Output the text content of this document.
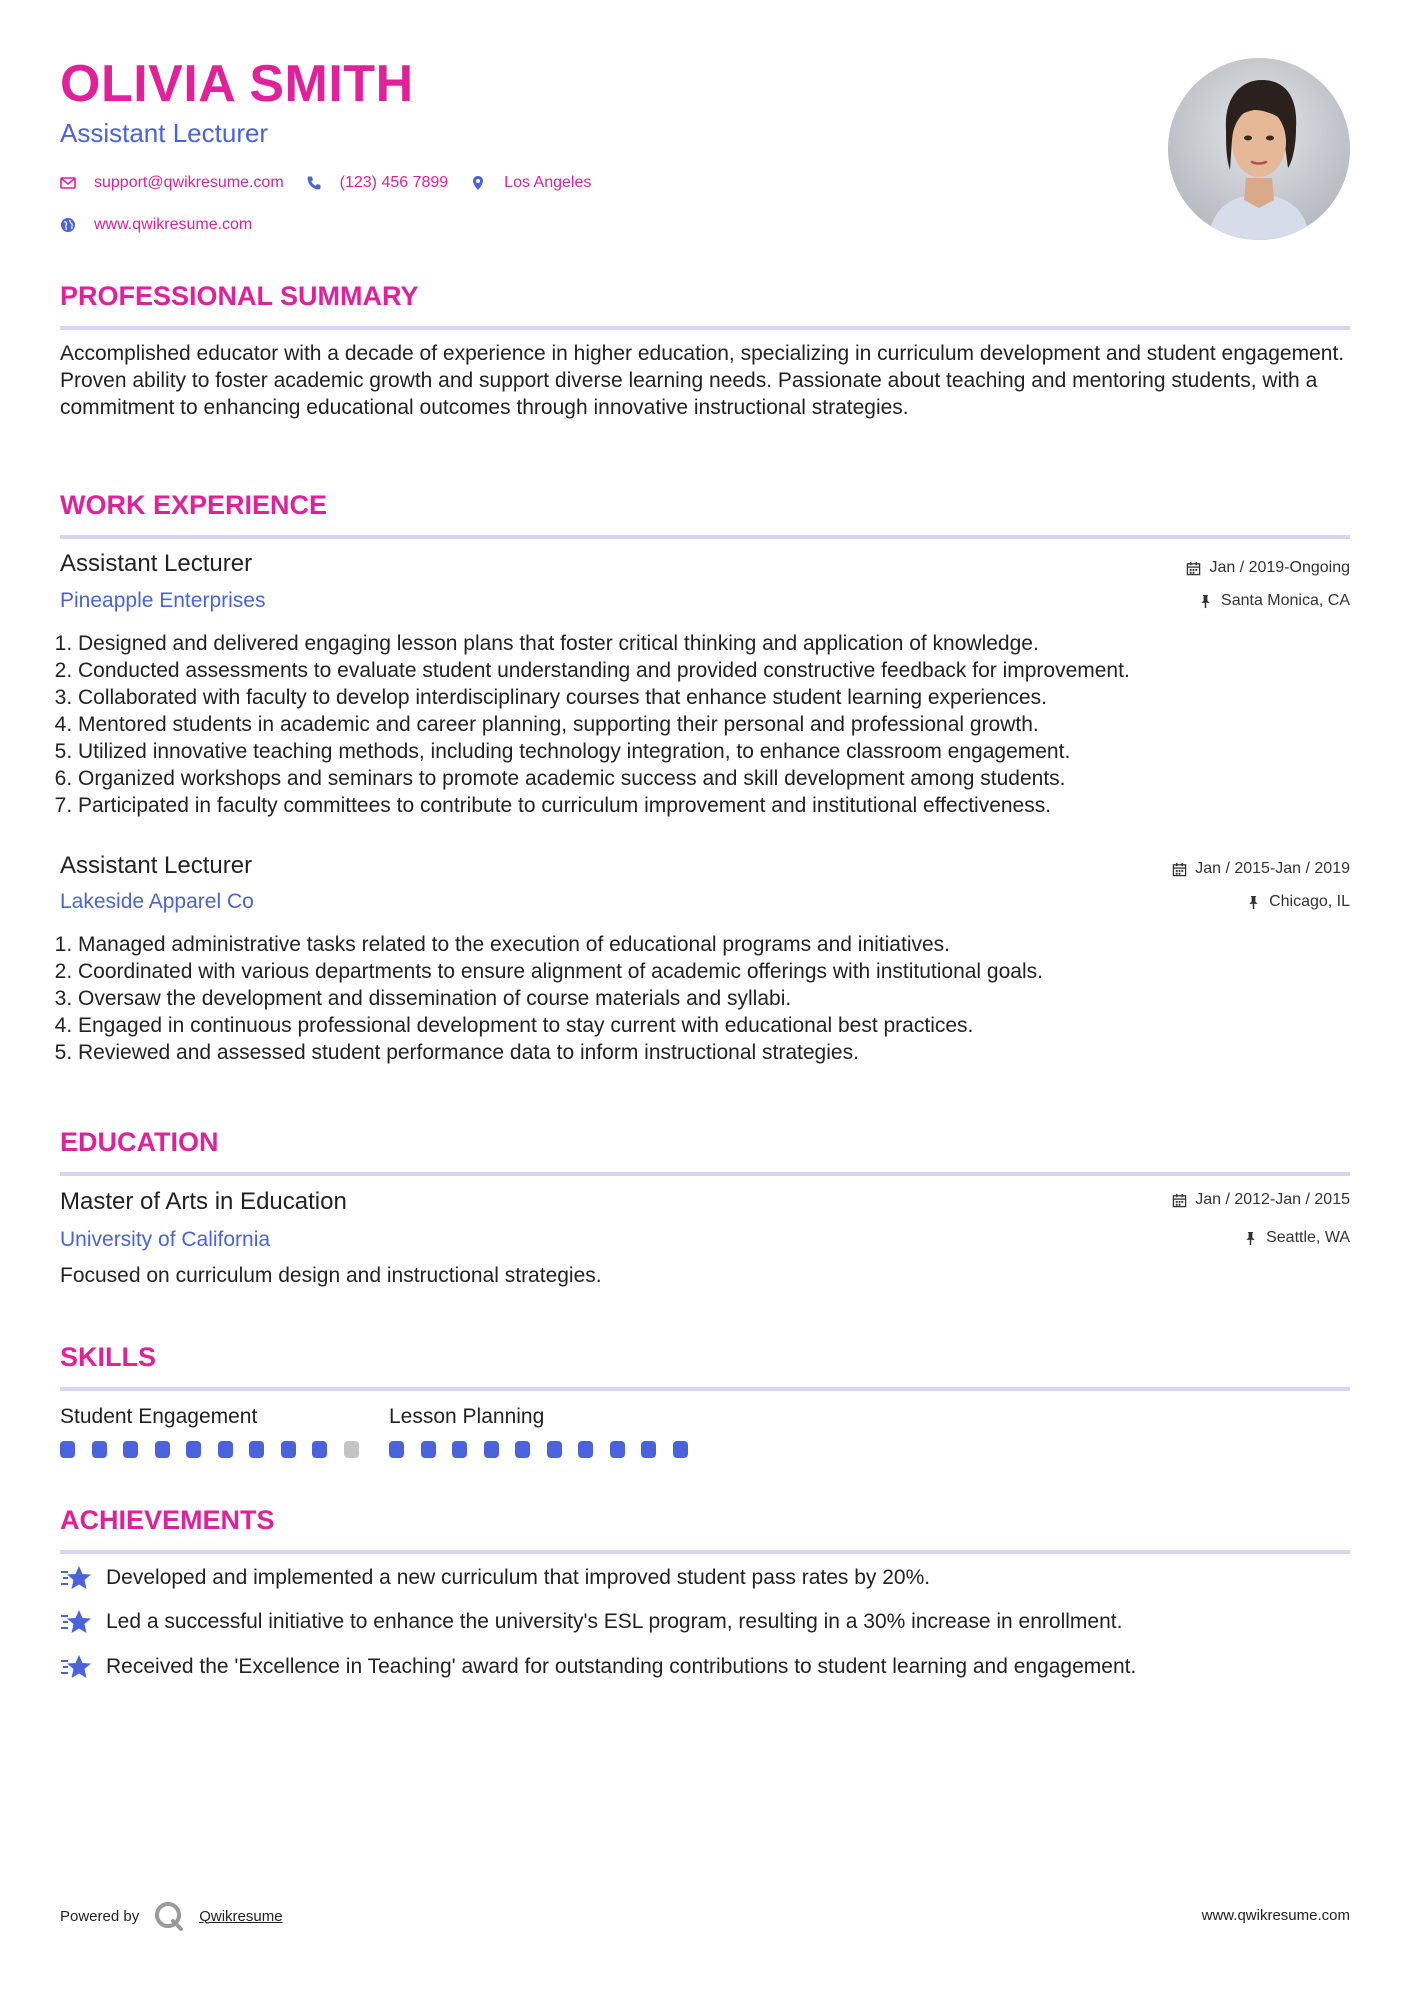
OLIVIA SMITH
Assistant Lecturer
support@qwikresume.com	(123) 456 7899	Los Angeles
www.qwikresume.com
PROFESSIONAL SUMMARY
Accomplished educator with a decade of experience in higher education, specializing in curriculum development and student engagement. Proven ability to foster academic growth and support diverse learning needs. Passionate about teaching and mentoring students, with a commitment to enhancing educational outcomes through innovative instructional strategies.
WORK EXPERIENCE
Assistant Lecturer	Jan / 2019-Ongoing
Pineapple Enterprises	Santa Monica, CA
1. Designed and delivered engaging lesson plans that foster critical thinking and application of knowledge.
2. Conducted assessments to evaluate student understanding and provided constructive feedback for improvement.
3. Collaborated with faculty to develop interdisciplinary courses that enhance student learning experiences.
4. Mentored students in academic and career planning, supporting their personal and professional growth.
5. Utilized innovative teaching methods, including technology integration, to enhance classroom engagement.
6. Organized workshops and seminars to promote academic success and skill development among students.
7. Participated in faculty committees to contribute to curriculum improvement and institutional effectiveness.
Assistant Lecturer	Jan / 2015-Jan / 2019
Lakeside Apparel Co	Chicago, IL
1. Managed administrative tasks related to the execution of educational programs and initiatives.
2. Coordinated with various departments to ensure alignment of academic offerings with institutional goals.
3. Oversaw the development and dissemination of course materials and syllabi.
4. Engaged in continuous professional development to stay current with educational best practices.
5. Reviewed and assessed student performance data to inform instructional strategies.
EDUCATION
Master of Arts in Education	Jan / 2012-Jan / 2015
University of California	Seattle, WA
Focused on curriculum design and instructional strategies.
SKILLS
Student Engagement	Lesson Planning
ACHIEVEMENTS
Developed and implemented a new curriculum that improved student pass rates by 20%.
Led a successful initiative to enhance the university's ESL program, resulting in a 30% increase in enrollment.
Received the 'Excellence in Teaching' award for outstanding contributions to student learning and engagement.
Powered by	Qwikresume	www.qwikresume.com
